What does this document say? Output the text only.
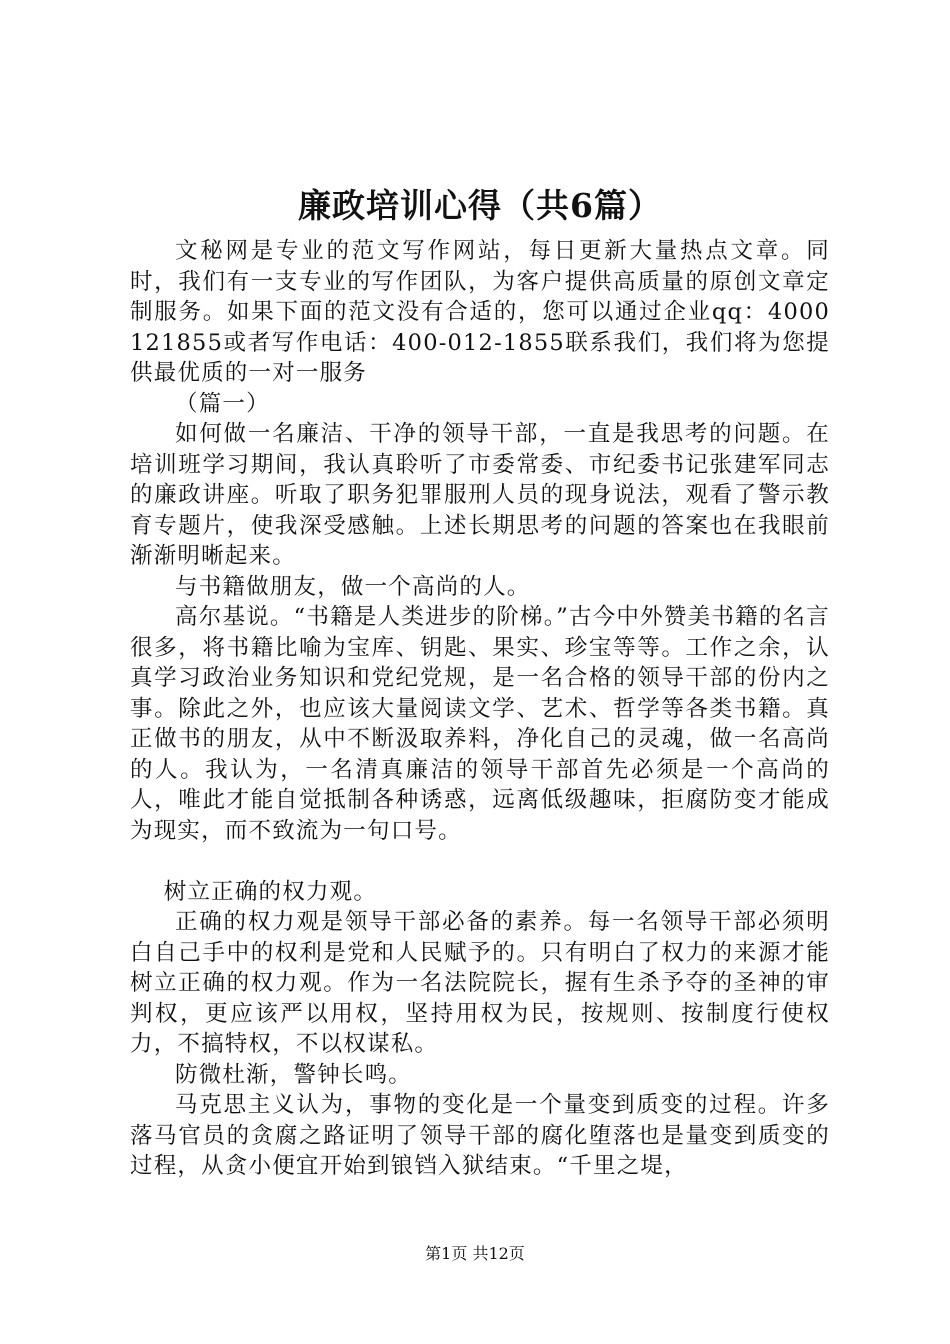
廉政培训心得（共6篇）

文秘网是专业的范文写作网站，每日更新大量热点文章。同时，我们有一支专业的写作团队，为客户提供高质量的原创文章定制服务。如果下面的范文没有合适的，您可以通过企业qq：4000121855或者写作电话：400-012-1855联系我们，我们将为您提供最优质的一对一服务

（篇一）

如何做一名廉洁、干净的领导干部，一直是我思考的问题。在培训班学习期间，我认真聆听了市委常委、市纪委书记张建军同志的廉政讲座。听取了职务犯罪服刑人员的现身说法，观看了警示教育专题片，使我深受感触。上述长期思考的问题的答案也在我眼前渐渐明晰起来。

与书籍做朋友，做一个高尚的人。

高尔基说。“书籍是人类进步的阶梯。”古今中外赞美书籍的名言很多，将书籍比喻为宝库、钥匙、果实、珍宝等等。工作之余，认真学习政治业务知识和党纪党规，是一名合格的领导干部的份内之事。除此之外，也应该大量阅读文学、艺术、哲学等各类书籍。真正做书的朋友，从中不断汲取养料，净化自己的灵魂，做一名高尚的人。我认为，一名清真廉洁的领导干部首先必须是一个高尚的人，唯此才能自觉抵制各种诱惑，远离低级趣味，拒腐防变才能成为现实，而不致流为一句口号。

树立正确的权力观。

正确的权力观是领导干部必备的素养。每一名领导干部必须明白自己手中的权利是党和人民赋予的。只有明白了权力的来源才能树立正确的权力观。作为一名法院院长，握有生杀予夺的圣神的审判权，更应该严以用权，坚持用权为民，按规则、按制度行使权力，不搞特权，不以权谋私。

防微杜渐，警钟长鸣。

马克思主义认为，事物的变化是一个量变到质变的过程。许多落马官员的贪腐之路证明了领导干部的腐化堕落也是量变到质变的过程，从贪小便宜开始到锒铛入狱结束。“千里之堤，

第1页 共12页
